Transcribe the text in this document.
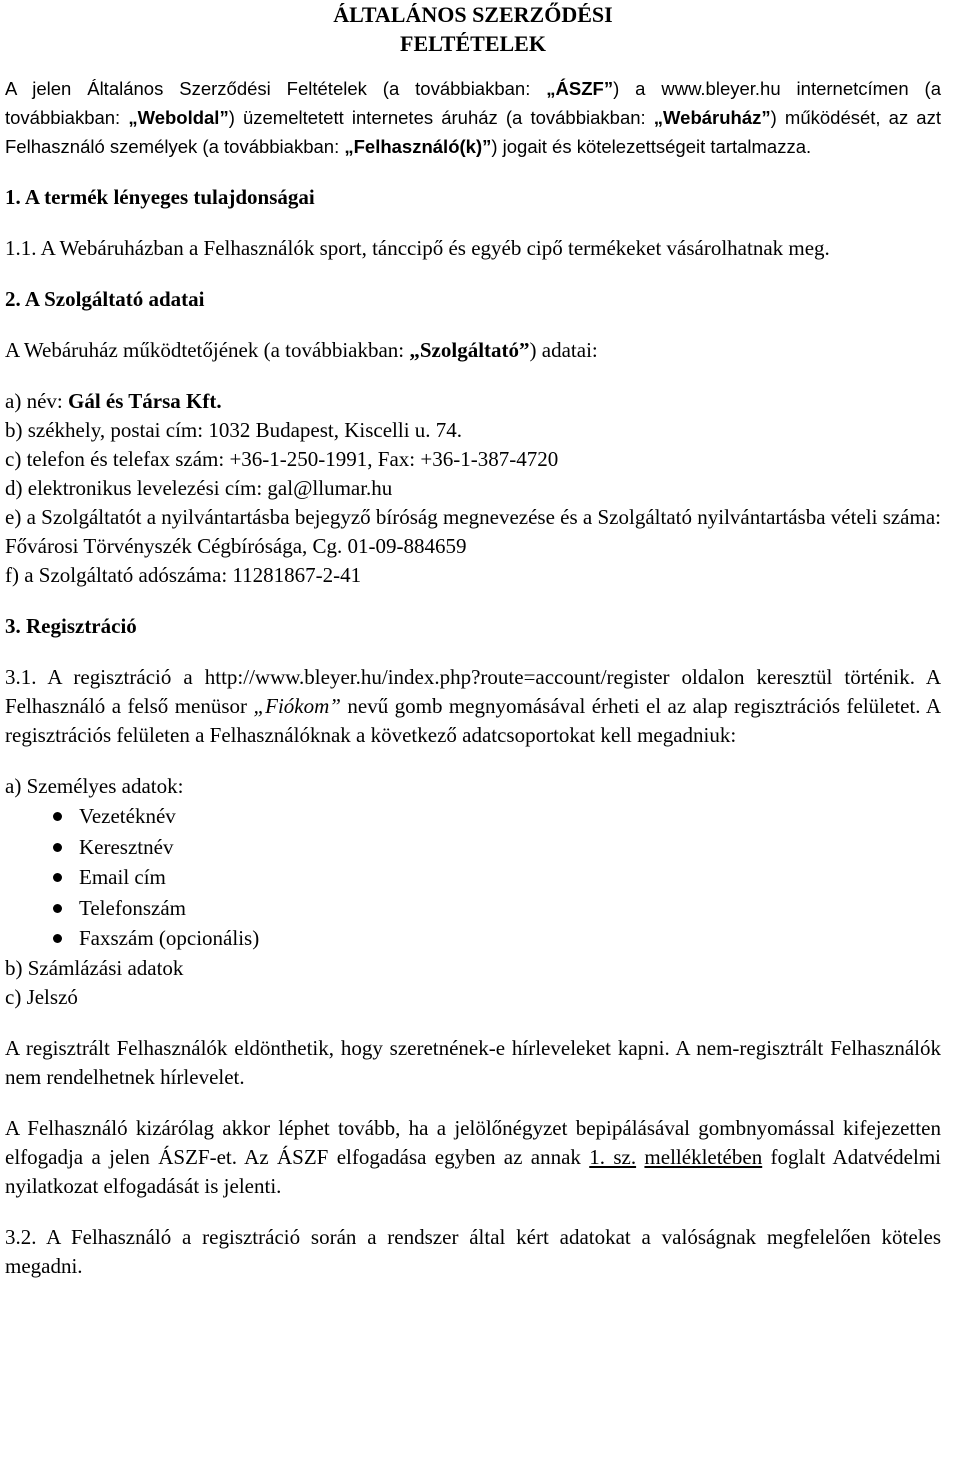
ÁLTALÁNOS SZERZŐDÉSI
FELTÉTELEK

A jelen Általános Szerződési Feltételek (a továbbiakban: „ÁSZF”) a www.bleyer.hu internetcímen (a továbbiakban: „Weboldal”) üzemeltetett internetes áruház (a továbbiakban: „Webáruház”) működését, az azt Felhasználó személyek (a továbbiakban: „Felhasználó(k)”) jogait és kötelezettségeit tartalmazza.

1. A termék lényeges tulajdonságai

1.1. A Webáruházban a Felhasználók sport, tánccipő és egyéb cipő termékeket vásárolhatnak meg.

2. A Szolgáltató adatai

A Webáruház működtetőjének (a továbbiakban: „Szolgáltató”) adatai:

a) név: Gál és Társa Kft.

b) székhely, postai cím: 1032 Budapest, Kiscelli u. 74.

c) telefon és telefax szám: +36-1-250-1991, Fax: +36-1-387-4720

d) elektronikus levelezési cím: gal@llumar.hu

e) a Szolgáltatót a nyilvántartásba bejegyző bíróság megnevezése és a Szolgáltató nyilvántartásba vételi száma: Fővárosi Törvényszék Cégbírósága, Cg. 01-09-884659

f) a Szolgáltató adószáma: 11281867-2-41

3. Regisztráció

3.1. A regisztráció a http://www.bleyer.hu/index.php?route=account/register oldalon keresztül történik. A Felhasználó a felső menüsor „Fiókom” nevű gomb megnyomásával érheti el az alap regisztrációs felületet. A regisztrációs felületen a Felhasználóknak a következő adatcsoportokat kell megadniuk:

a) Személyes adatok:

Vezetéknév
Keresztnév
Email cím
Telefonszám
Faxszám (opcionális)

b) Számlázási adatok

c) Jelszó

A regisztrált Felhasználók eldönthetik, hogy szeretnének-e hírleveleket kapni. A nem-regisztrált Felhasználók nem rendelhetnek hírlevelet.

A Felhasználó kizárólag akkor léphet tovább, ha a jelölőnégyzet bepipálásával gombnyomással kifejezetten elfogadja a jelen ÁSZF-et. Az ÁSZF elfogadása egyben az annak 1. sz. mellékletében foglalt Adatvédelmi nyilatkozat elfogadását is jelenti.

3.2. A Felhasználó a regisztráció során a rendszer által kért adatokat a valóságnak megfelelően köteles megadni.
